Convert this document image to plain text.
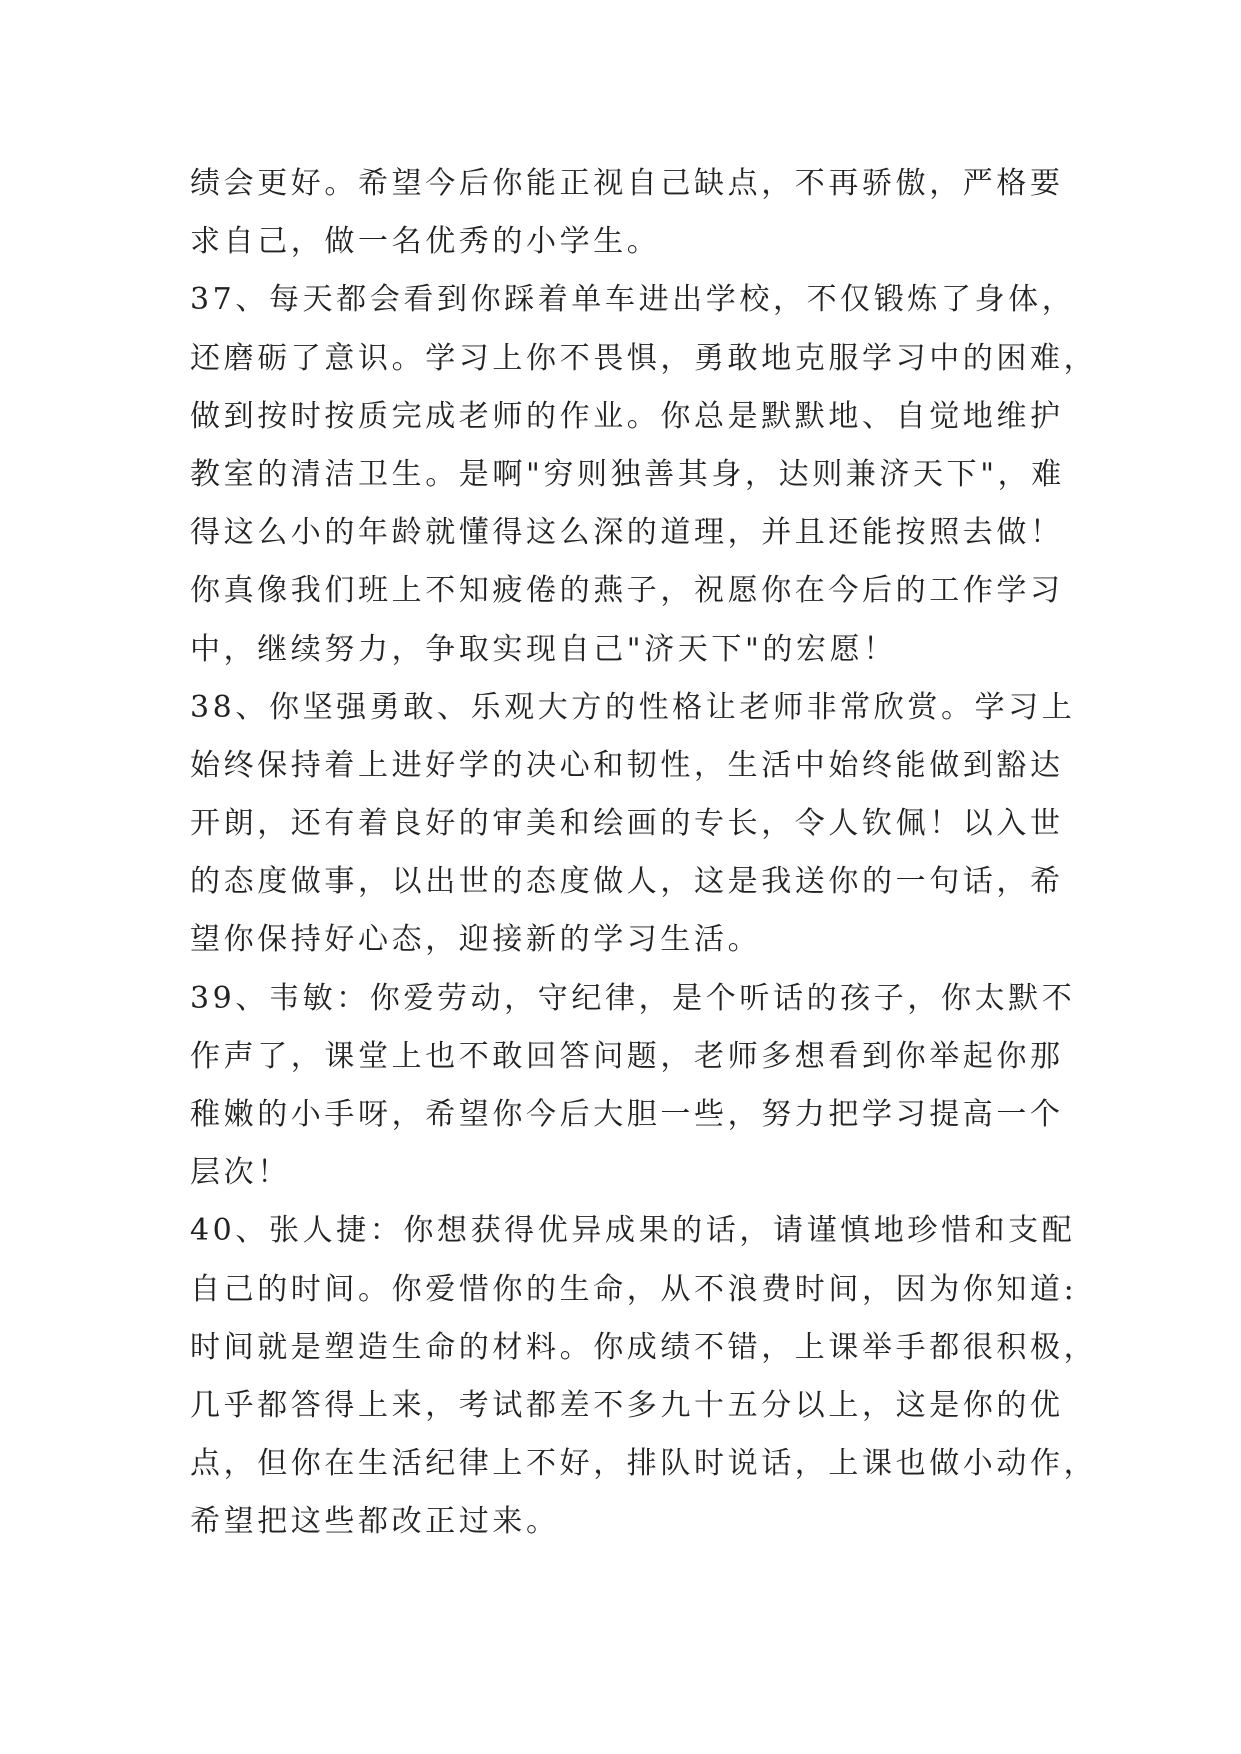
绩会更好。希望今后你能正视自己缺点，不再骄傲，严格要
求自己，做一名优秀的小学生。
37、每天都会看到你踩着单车进出学校，不仅锻炼了身体，
还磨砺了意识。学习上你不畏惧，勇敢地克服学习中的困难，
做到按时按质完成老师的作业。你总是默默地、自觉地维护
教室的清洁卫生。是啊"穷则独善其身，达则兼济天下"，难
得这么小的年龄就懂得这么深的道理，并且还能按照去做！
你真像我们班上不知疲倦的燕子，祝愿你在今后的工作学习
中，继续努力，争取实现自己"济天下"的宏愿！
38、你坚强勇敢、乐观大方的性格让老师非常欣赏。学习上
始终保持着上进好学的决心和韧性，生活中始终能做到豁达
开朗，还有着良好的审美和绘画的专长，令人钦佩！以入世
的态度做事，以出世的态度做人，这是我送你的一句话，希
望你保持好心态，迎接新的学习生活。
39、韦敏：你爱劳动，守纪律，是个听话的孩子，你太默不
作声了，课堂上也不敢回答问题，老师多想看到你举起你那
稚嫩的小手呀，希望你今后大胆一些，努力把学习提高一个
层次！
40、张人捷：你想获得优异成果的话，请谨慎地珍惜和支配
自己的时间。你爱惜你的生命，从不浪费时间，因为你知道:
时间就是塑造生命的材料。你成绩不错，上课举手都很积极，
几乎都答得上来，考试都差不多九十五分以上，这是你的优
点，但你在生活纪律上不好，排队时说话，上课也做小动作，
希望把这些都改正过来。
